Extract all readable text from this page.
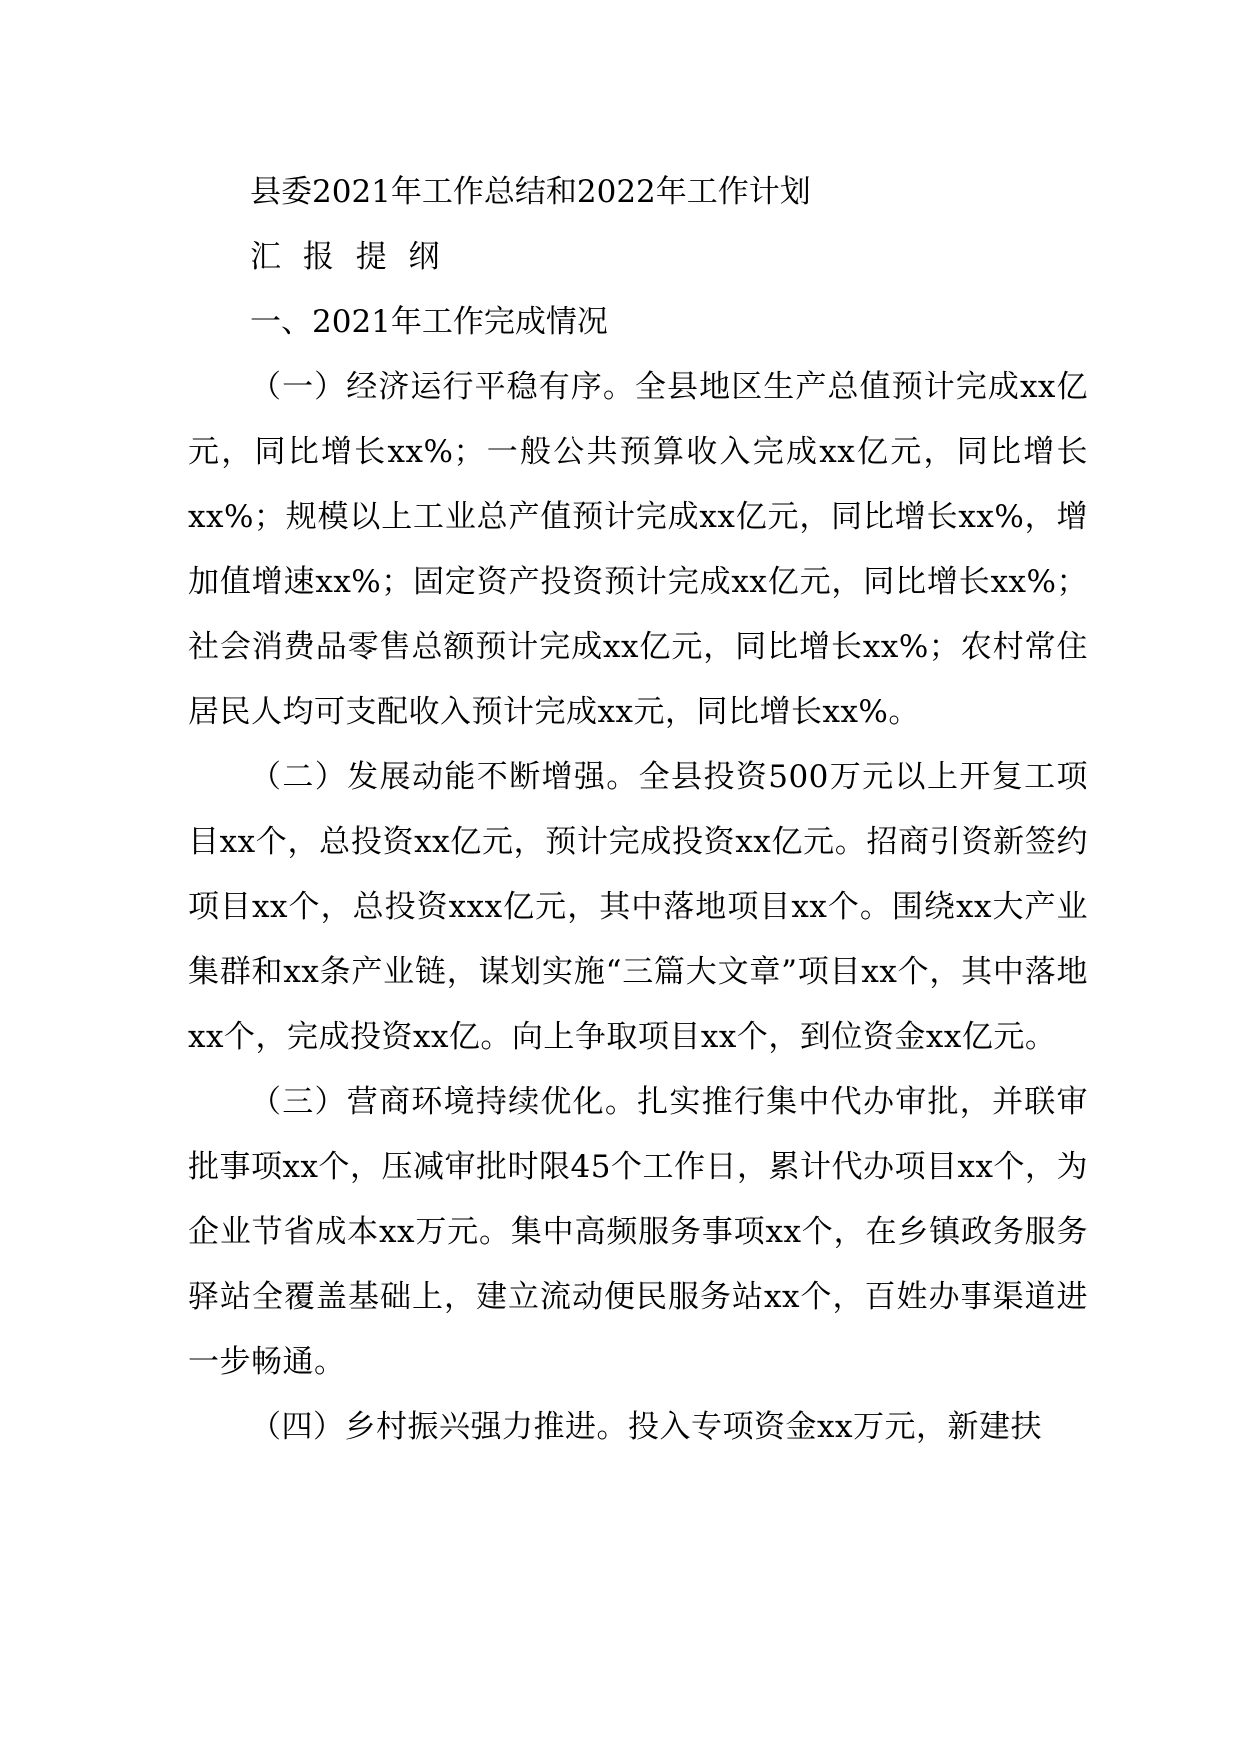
县委2021年工作总结和2022年工作计划

汇 报 提 纲

一、2021年工作完成情况

（一）经济运行平稳有序。全县地区生产总值预计完成xx亿元，同比增长xx%；一般公共预算收入完成xx亿元，同比增长xx%；规模以上工业总产值预计完成xx亿元，同比增长xx%，增加值增速xx%；固定资产投资预计完成xx亿元，同比增长xx%；社会消费品零售总额预计完成xx亿元，同比增长xx%；农村常住居民人均可支配收入预计完成xx元，同比增长xx%。

（二）发展动能不断增强。全县投资500万元以上开复工项目xx个，总投资xx亿元，预计完成投资xx亿元。招商引资新签约项目xx个，总投资xxx亿元，其中落地项目xx个。围绕xx大产业集群和xx条产业链，谋划实施“三篇大文章”项目xx个，其中落地xx个，完成投资xx亿。向上争取项目xx个，到位资金xx亿元。

（三）营商环境持续优化。扎实推行集中代办审批，并联审批事项xx个，压减审批时限45个工作日，累计代办项目xx个，为企业节省成本xx万元。集中高频服务事项xx个，在乡镇政务服务驿站全覆盖基础上，建立流动便民服务站xx个，百姓办事渠道进一步畅通。

（四）乡村振兴强力推进。投入专项资金xx万元，新建扶
